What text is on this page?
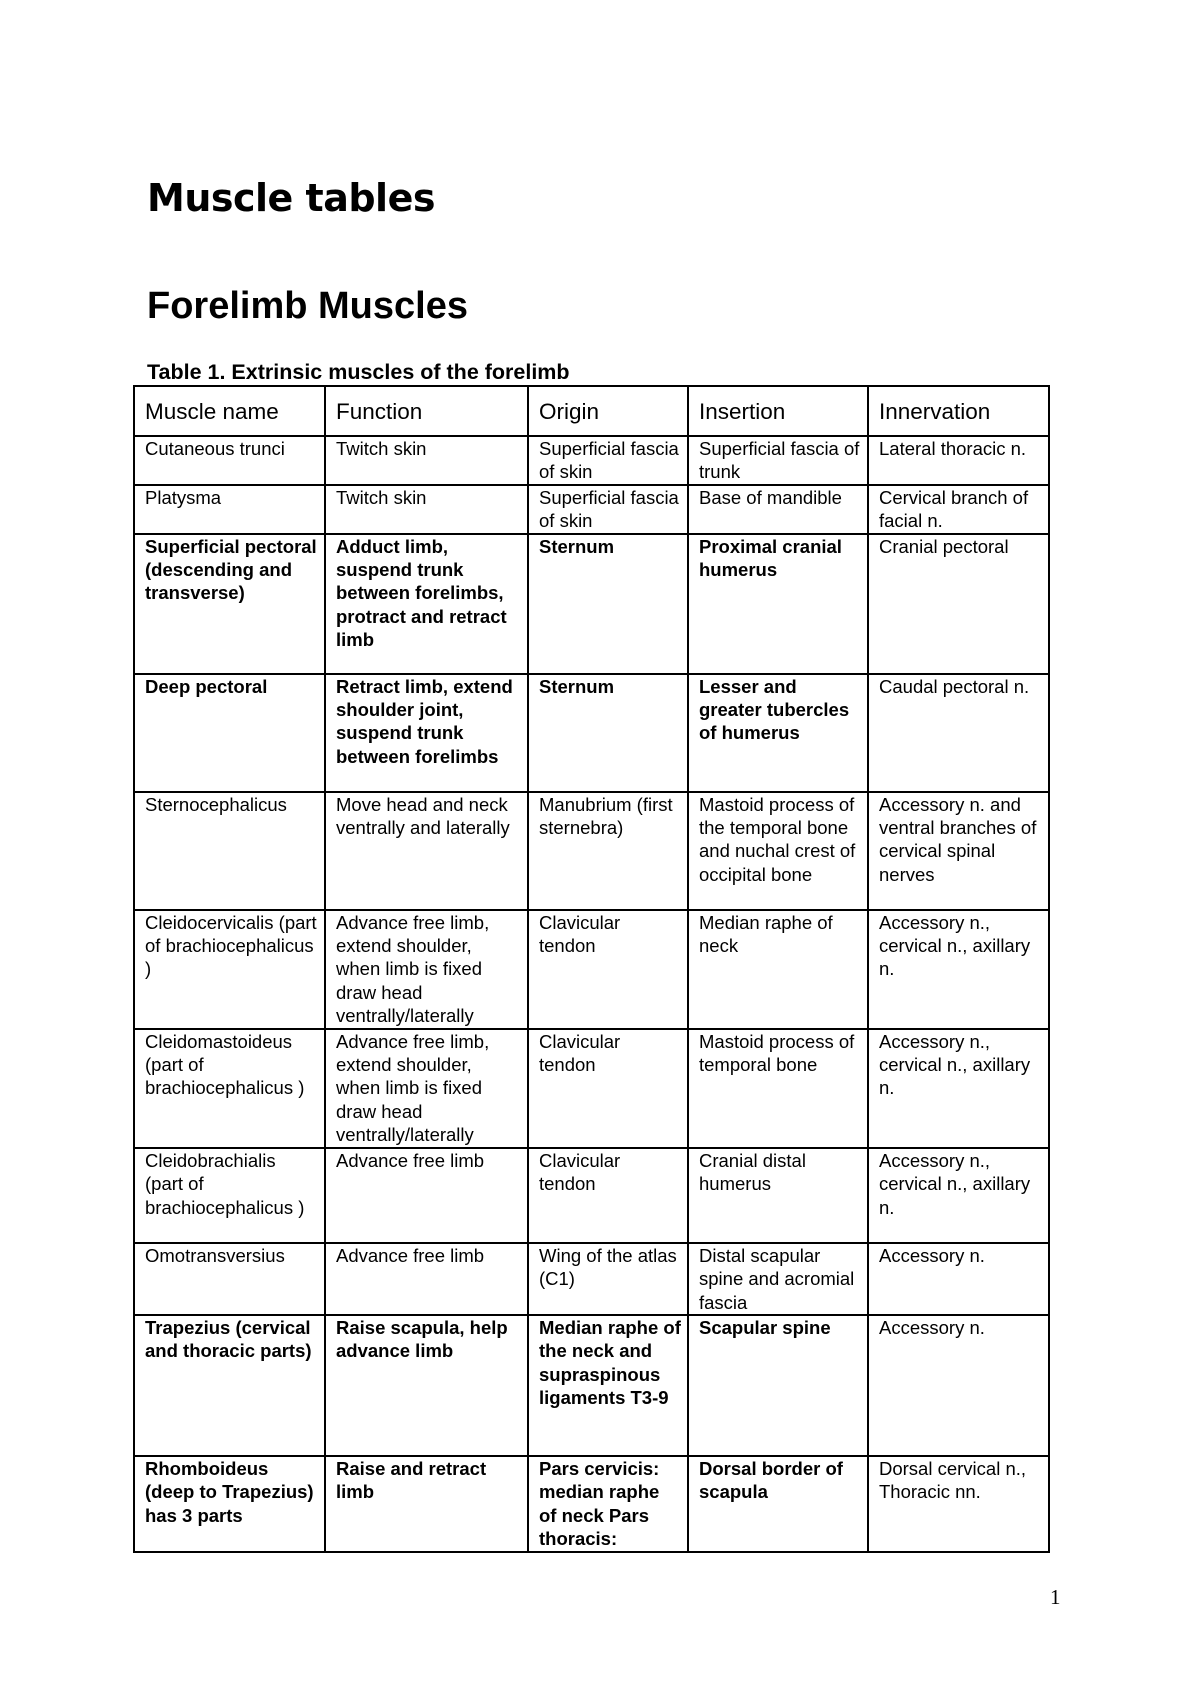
Muscle tables
Forelimb Muscles

Table 1. Extrinsic muscles of the forelimb

Muscle name	Function	Origin	Insertion	Innervation
Cutaneous trunci	Twitch skin	Superficial fascia of skin	Superficial fascia of trunk	Lateral thoracic n.
Platysma	Twitch skin	Superficial fascia of skin	Base of mandible	Cervical branch of facial n.
Superficial pectoral (descending and transverse)	Adduct limb, suspend trunk between forelimbs, protract and retract limb	Sternum	Proximal cranial humerus	Cranial pectoral
Deep pectoral	Retract limb, extend shoulder joint, suspend trunk between forelimbs	Sternum	Lesser and greater tubercles of humerus	Caudal pectoral n.
Sternocephalicus	Move head and neck ventrally and laterally	Manubrium (first sternebra)	Mastoid process of the temporal bone and nuchal crest of occipital bone	Accessory n. and ventral branches of cervical spinal nerves
Cleidocervicalis (part of brachiocephalicus )	Advance free limb, extend shoulder, when limb is fixed draw head ventrally/laterally	Clavicular tendon	Median raphe of neck	Accessory n., cervical n., axillary n.
Cleidomastoideus (part of brachiocephalicus )	Advance free limb, extend shoulder, when limb is fixed draw head ventrally/laterally	Clavicular tendon	Mastoid process of temporal bone	Accessory n., cervical n., axillary n.
Cleidobrachialis (part of brachiocephalicus )	Advance free limb	Clavicular tendon	Cranial distal humerus	Accessory n., cervical n., axillary n.
Omotransversius	Advance free limb	Wing of the atlas (C1)	Distal scapular spine and acromial fascia	Accessory n.
Trapezius (cervical and thoracic parts)	Raise scapula, help advance limb	Median raphe of the neck and supraspinous ligaments T3-9	Scapular spine	Accessory n.
Rhomboideus (deep to Trapezius) has 3 parts	Raise and retract limb	Pars cervicis: median raphe of neck Pars thoracis:	Dorsal border of scapula	Dorsal cervical n., Thoracic nn.

1
